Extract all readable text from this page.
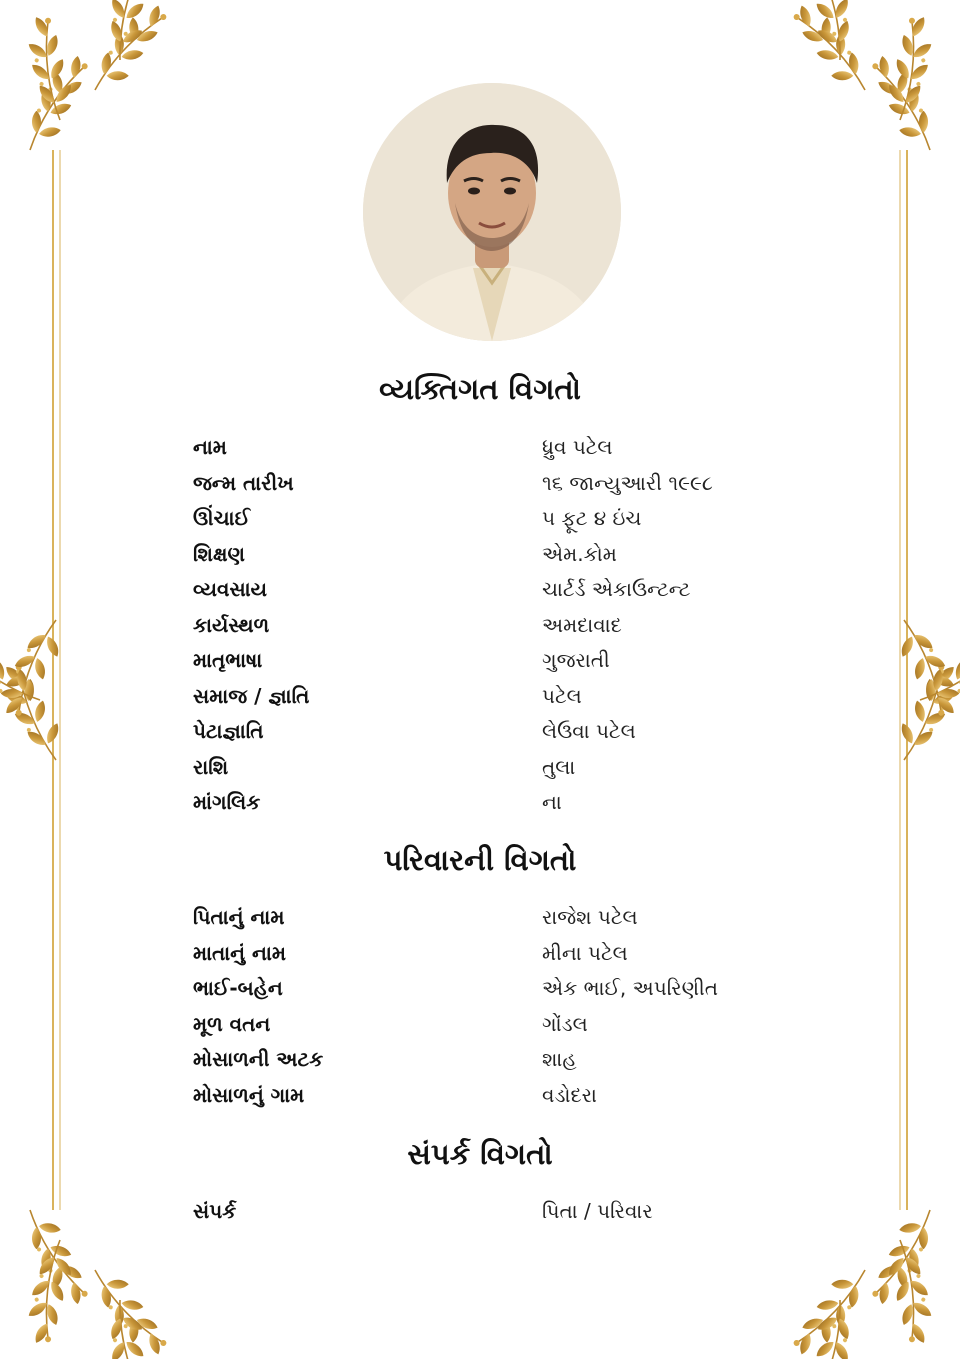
વ્યક્તિગત વિગતો
નામ	ધ્રુવ પટેલ
જન્મ તારીખ	૧૬ જાન્યુઆરી ૧૯૯૮
ઊંચાઈ	૫ ફૂટ ૪ ઇંચ
શિક્ષણ	એમ.કોમ
વ્યવસાય	ચાર્ટર્ડ એકાઉન્ટન્ટ
કાર્યસ્થળ	અમદાવાદ
માતૃભાષા	ગુજરાતી
સમાજ / જ્ઞાતિ	પટેલ
પેટાજ્ઞાતિ	લેઉવા પટેલ
રાશિ	તુલા
માંગલિક	ના
પરિવારની વિગતો
પિતાનું નામ	રાજેશ પટેલ
માતાનું નામ	મીના પટેલ
ભાઈ-બહેન	એક ભાઈ, અપરિણીત
મૂળ વતન	ગોંડલ
મોસાળની અટક	શાહ
મોસાળનું ગામ	વડોદરા
સંપર્ક વિગતો
સંપર્ક	પિતા / પરિવાર
